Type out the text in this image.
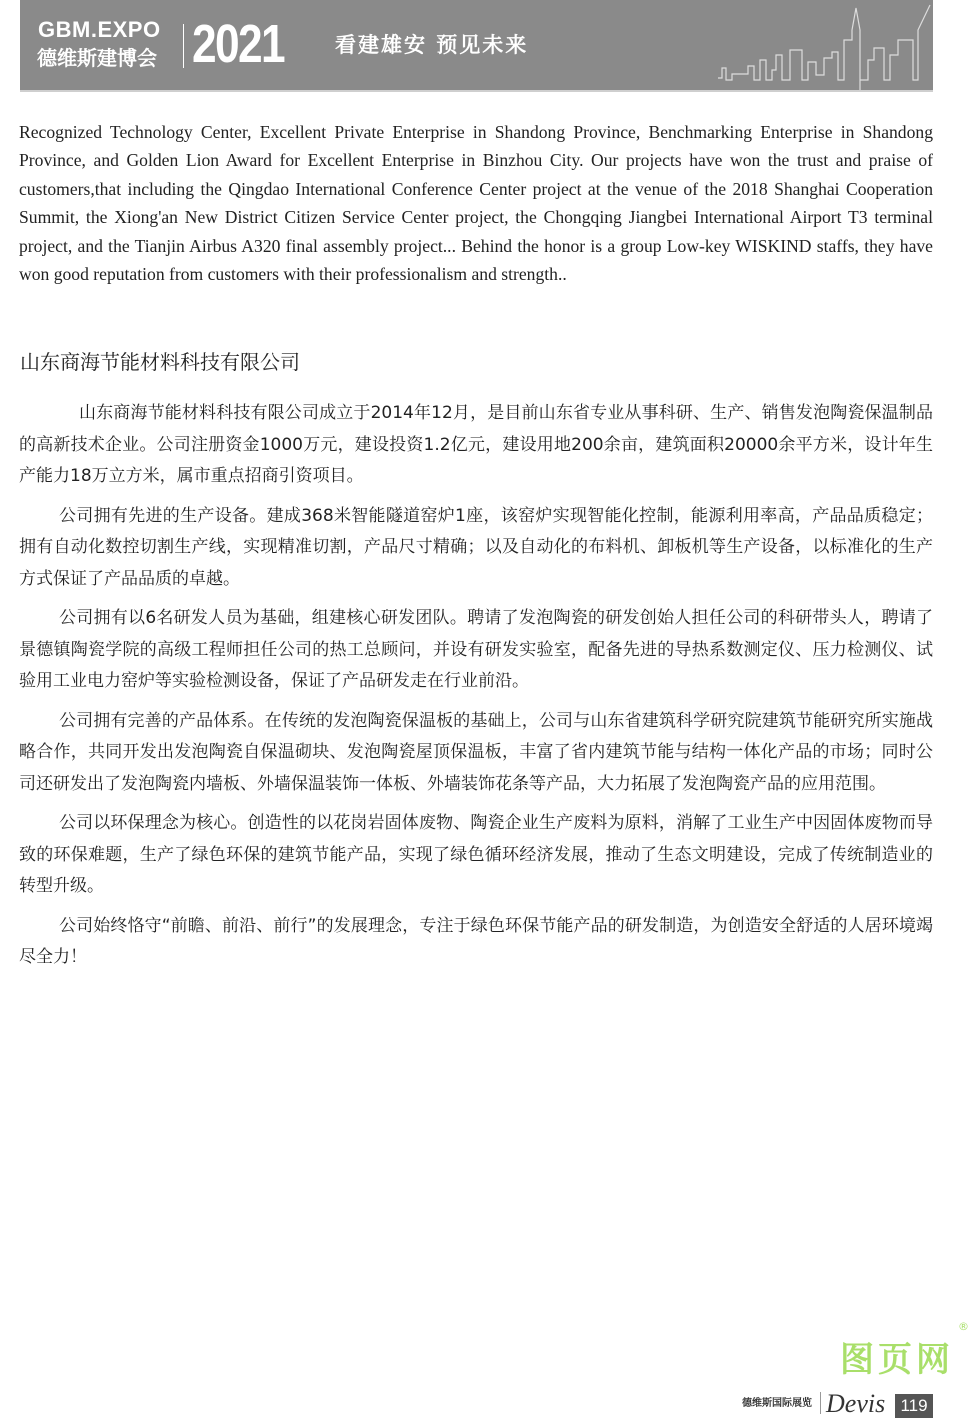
GBM.EXPO
德维斯建博会 2021 看建雄安 预见未来

Recognized Technology Center, Excellent Private Enterprise in Shandong Province, Benchmarking Enterprise in Shandong Province, and Golden Lion Award for Excellent Enterprise in Binzhou City. Our projects have won the trust and praise of customers,that including the Qingdao International Conference Center project at the venue of the 2018 Shanghai Cooperation Summit, the Xiong'an New District Citizen Service Center project, the Chongqing Jiangbei International Airport T3 terminal project, and the Tianjin Airbus A320 final assembly project... Behind the honor is a group Low-key WISKIND staffs, they have won good reputation from customers with their professionalism and strength..

山东商海节能材料科技有限公司

山东商海节能材料科技有限公司成立于2014年12月，是目前山东省专业从事科研、生产、销售发泡陶瓷保温制品的高新技术企业。公司注册资金1000万元，建设投资1.2亿元，建设用地200余亩，建筑面积20000余平方米，设计年生产能力18万立方米，属市重点招商引资项目。

公司拥有先进的生产设备。建成368米智能隧道窑炉1座，该窑炉实现智能化控制，能源利用率高，产品品质稳定；拥有自动化数控切割生产线，实现精准切割，产品尺寸精确；以及自动化的布料机、卸板机等生产设备，以标准化的生产方式保证了产品品质的卓越。

公司拥有以6名研发人员为基础，组建核心研发团队。聘请了发泡陶瓷的研发创始人担任公司的科研带头人，聘请了景德镇陶瓷学院的高级工程师担任公司的热工总顾问，并设有研发实验室，配备先进的导热系数测定仪、压力检测仪、试验用工业电力窑炉等实验检测设备，保证了产品研发走在行业前沿。

公司拥有完善的产品体系。在传统的发泡陶瓷保温板的基础上，公司与山东省建筑科学研究院建筑节能研究所实施战略合作，共同开发出发泡陶瓷自保温砌块、发泡陶瓷屋顶保温板，丰富了省内建筑节能与结构一体化产品的市场；同时公司还研发出了发泡陶瓷内墙板、外墙保温装饰一体板、外墙装饰花条等产品，大力拓展了发泡陶瓷产品的应用范围。

公司以环保理念为核心。创造性的以花岗岩固体废物、陶瓷企业生产废料为原料，消解了工业生产中因固体废物而导致的环保难题，生产了绿色环保的建筑节能产品，实现了绿色循环经济发展，推动了生态文明建设，完成了传统制造业的转型升级。

公司始终恪守“前瞻、前沿、前行”的发展理念，专注于绿色环保节能产品的研发制造，为创造安全舒适的人居环境竭尽全力！

®
图页网
德维斯国际展览 Devis 119
